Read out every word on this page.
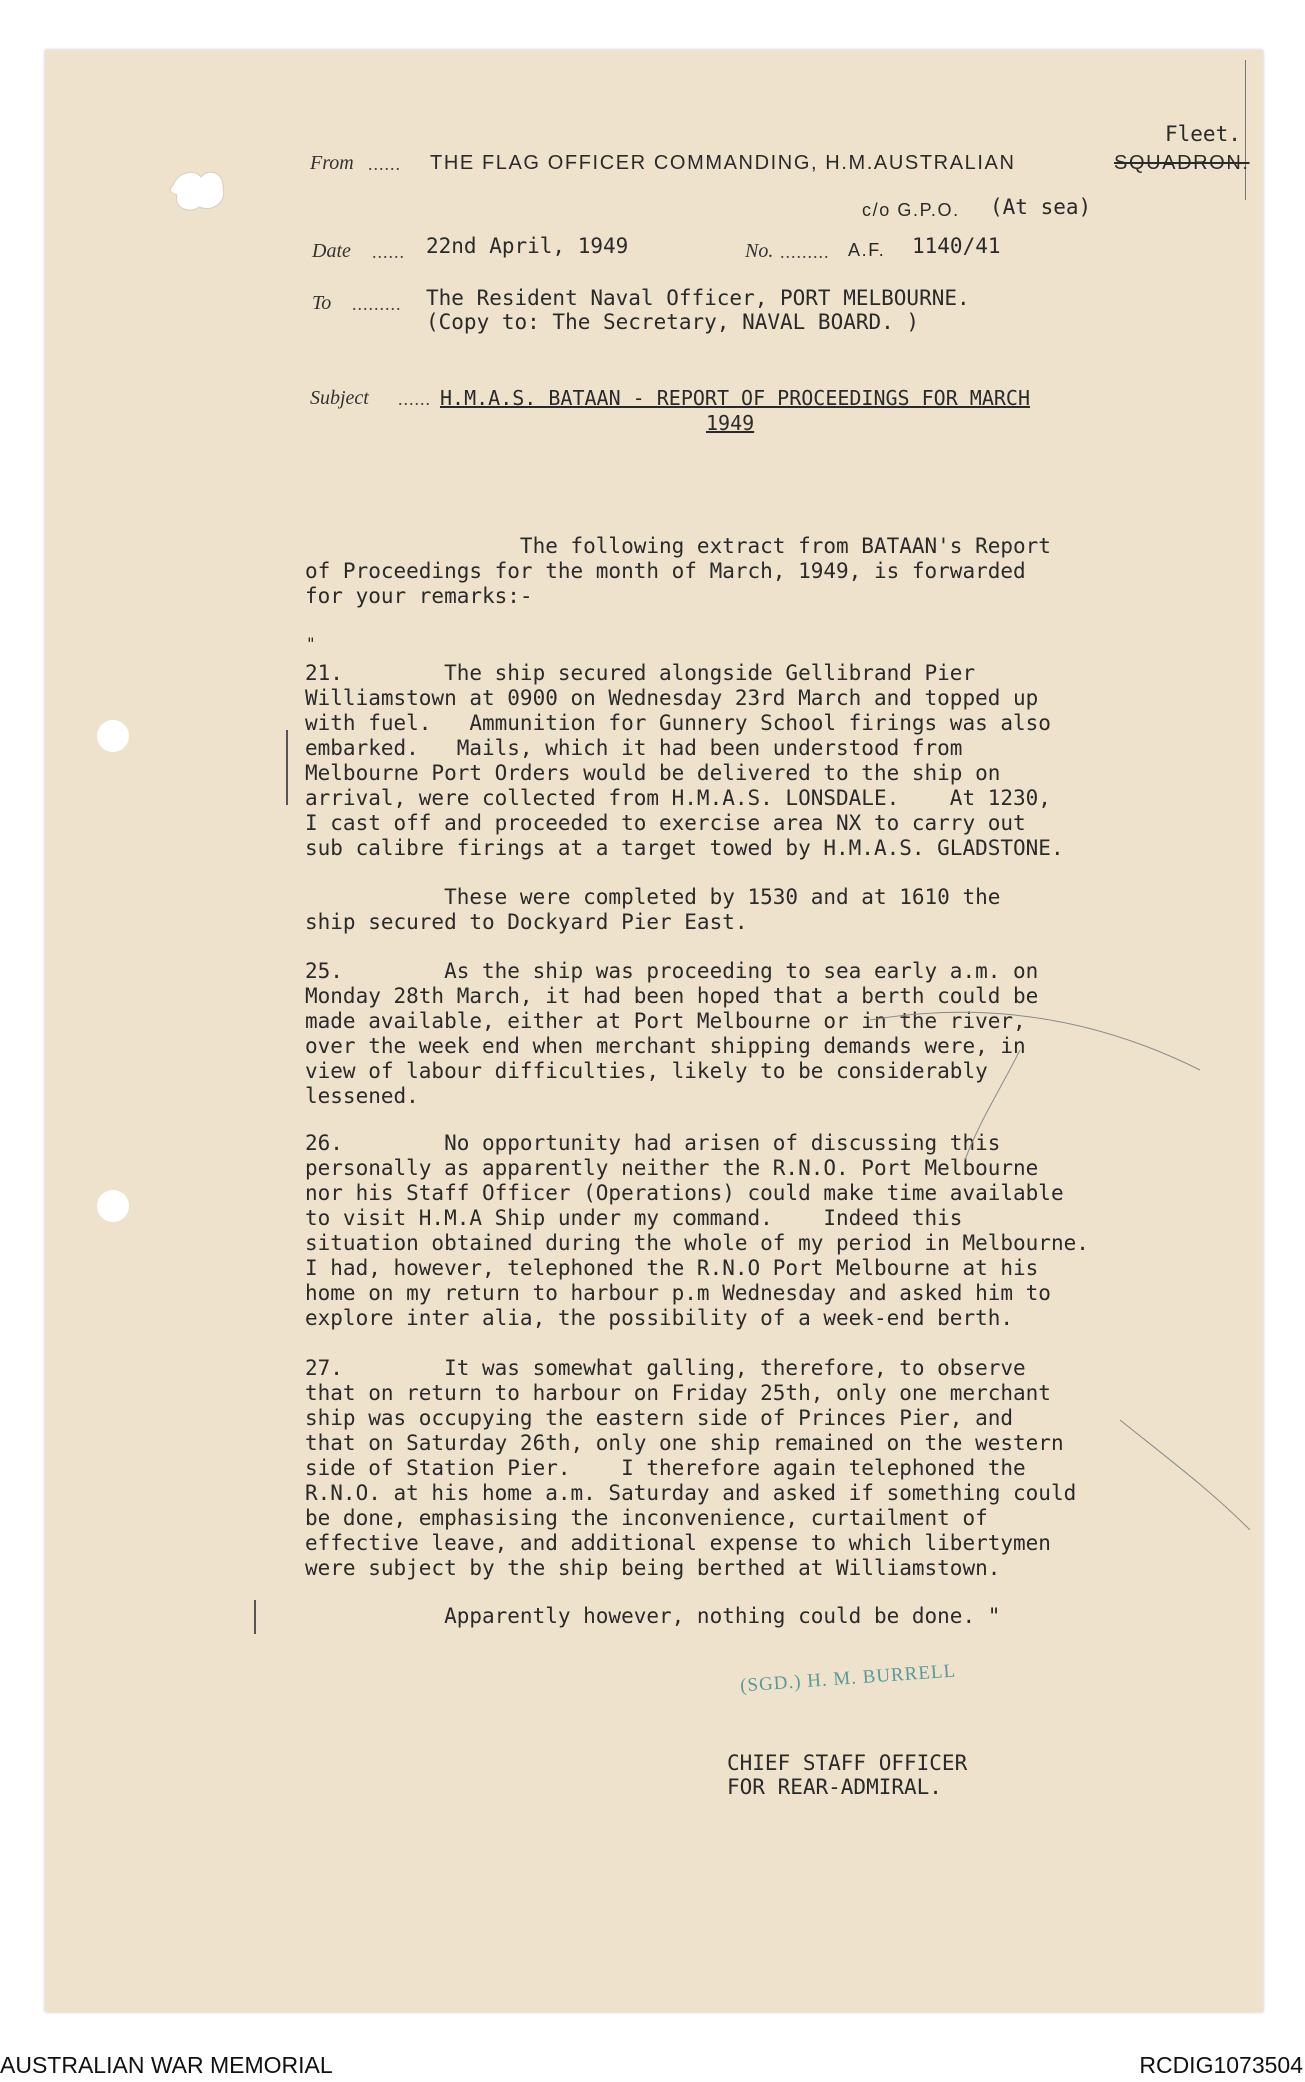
From ...... THE FLAG OFFICER COMMANDING, H.M.AUSTRALIAN	SQUADRON.
Fleet.
c/o G.P.O. (At sea)
Date ...... 22nd April, 1949	No. ......... A.F. 1140/41
To ......... The Resident Naval Officer, PORT MELBOURNE.
(Copy to: The Secretary, NAVAL BOARD. )
Subject ...... H.M.A.S. BATAAN - REPORT OF PROCEEDINGS FOR MARCH
1949
The following extract from BATAAN's Report
of Proceedings for the month of March, 1949, is forwarded
for your remarks:-
"
21.        The ship secured alongside Gellibrand Pier
Williamstown at 0900 on Wednesday 23rd March and topped up
with fuel.   Ammunition for Gunnery School firings was also
embarked.   Mails, which it had been understood from
Melbourne Port Orders would be delivered to the ship on
arrival, were collected from H.M.A.S. LONSDALE.    At 1230,
I cast off and proceeded to exercise area NX to carry out
sub calibre firings at a target towed by H.M.A.S. GLADSTONE.
These were completed by 1530 and at 1610 the
ship secured to Dockyard Pier East.
25.        As the ship was proceeding to sea early a.m. on
Monday 28th March, it had been hoped that a berth could be
made available, either at Port Melbourne or in the river,
over the week end when merchant shipping demands were, in
view of labour difficulties, likely to be considerably
lessened.
26.        No opportunity had arisen of discussing this
personally as apparently neither the R.N.O. Port Melbourne
nor his Staff Officer (Operations) could make time available
to visit H.M.A Ship under my command.    Indeed this
situation obtained during the whole of my period in Melbourne.
I had, however, telephoned the R.N.O Port Melbourne at his
home on my return to harbour p.m Wednesday and asked him to
explore inter alia, the possibility of a week-end berth.
27.        It was somewhat galling, therefore, to observe
that on return to harbour on Friday 25th, only one merchant
ship was occupying the eastern side of Princes Pier, and
that on Saturday 26th, only one ship remained on the western
side of Station Pier.    I therefore again telephoned the
R.N.O. at his home a.m. Saturday and asked if something could
be done, emphasising the inconvenience, curtailment of
effective leave, and additional expense to which libertymen
were subject by the ship being berthed at Williamstown.
Apparently however, nothing could be done. "
(SGD.) H. M. BURRELL
CHIEF STAFF OFFICER
FOR REAR-ADMIRAL.
AUSTRALIAN WAR MEMORIAL	RCDIG1073504
